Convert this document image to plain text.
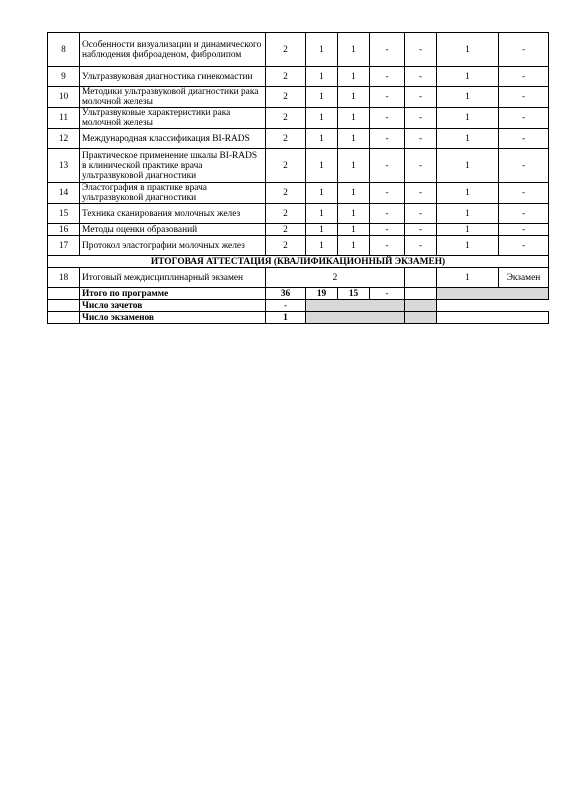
8	Особенности визуализации и динамического наблюдения фиброаденом, фибролипом	2	1	1	-	-	1	-
9	Ультразвуковая диагностика гинекомастии	2	1	1	-	-	1	-
10	Методики ультразвуковой диагностики рака молочной железы	2	1	1	-	-	1	-
11	Ультразвуковые характеристики рака молочной железы	2	1	1	-	-	1	-
12	Международная классификация BI-RADS	2	1	1	-	-	1	-
13	Практическое применение шкалы BI-RADS в клинической практике врача ультразвуковой диагностики	2	1	1	-	-	1	-
14	Эластография в практике врача ультразвуковой диагностики	2	1	1	-	-	1	-
15	Техника сканирования молочных желез	2	1	1	-	-	1	-
16	Методы оценки образований	2	1	1	-	-	1	-
17	Протокол эластографии молочных желез	2	1	1	-	-	1	-
ИТОГОВАЯ АТТЕСТАЦИЯ (КВАЛИФИКАЦИОННЫЙ ЭКЗАМЕН)								
18	Итоговый междисциплинарный экзамен	2					1	Экзамен
	Итого по программе	36	19	15	-			
	Число зачетов	-						
	Число экзаменов	1						
